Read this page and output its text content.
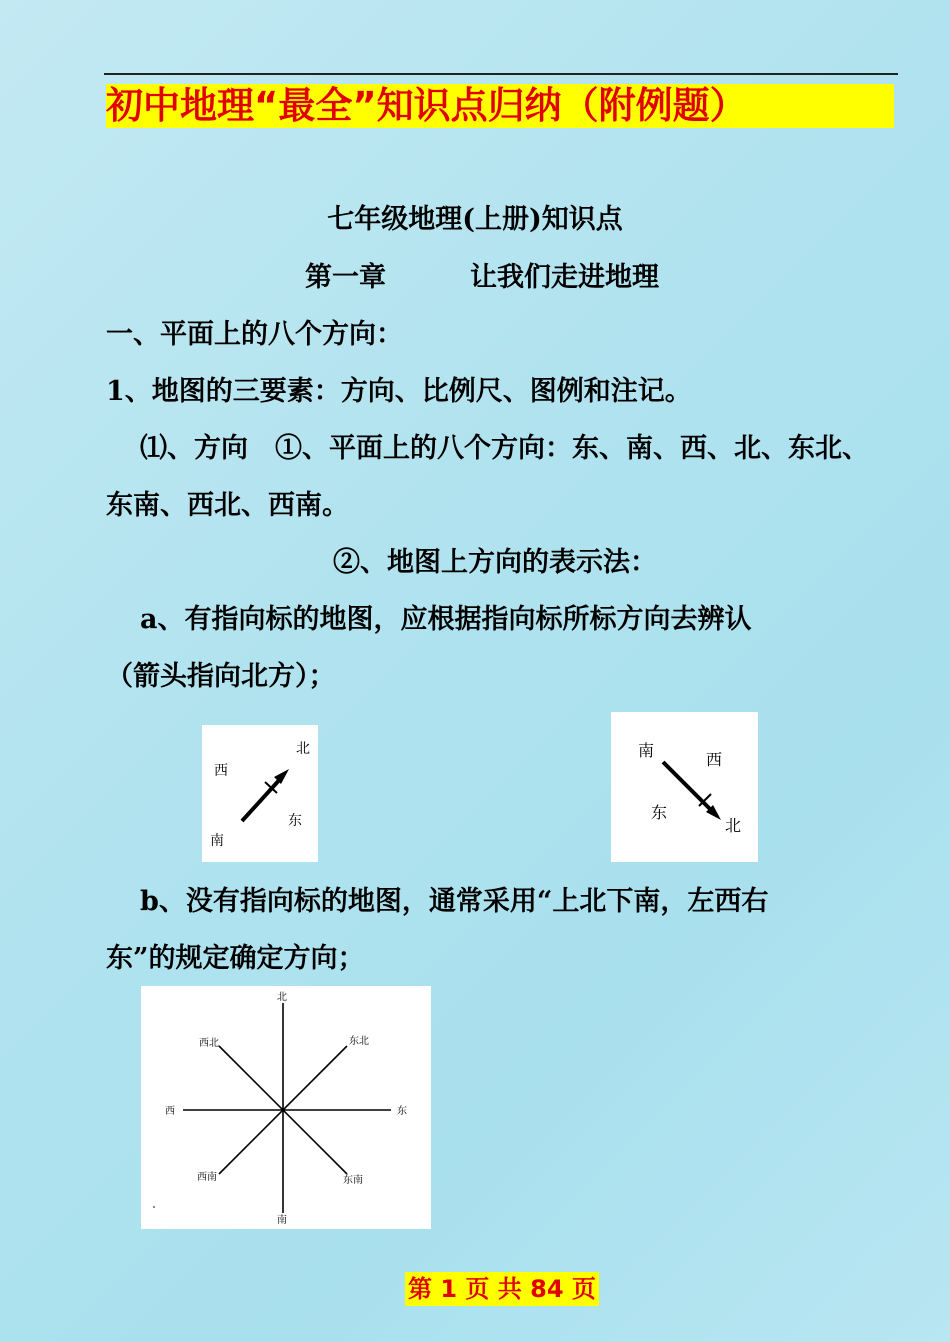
初中地理“最全”知识点归纳（附例题）
七年级地理(上册)知识点
第一章	让我们走进地理
一、平面上的八个方向：
1、地图的三要素：方向、比例尺、图例和注记。
⑴、方向　①、平面上的八个方向：东、南、西、北、东北、
东南、西北、西南。
②、地图上方向的表示法：
a、有指向标的地图，应根据指向标所标方向去辨认
（箭头指向北方）；
北
西
东
南
南	西
东
北
b、没有指向标的地图，通常采用“上北下南，左西右
东”的规定确定方向；
北
南
西	东
西北	东北
西南	东南
第 1 页 共 84 页
